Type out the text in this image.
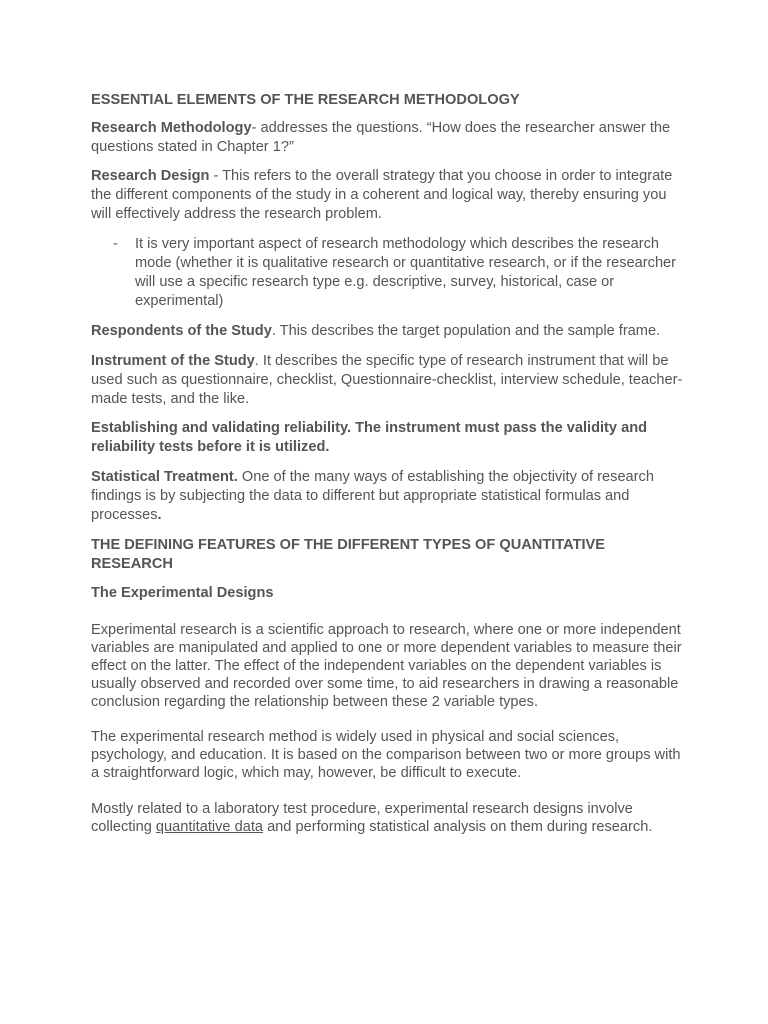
ESSENTIAL ELEMENTS OF THE RESEARCH METHODOLOGY

Research Methodology- addresses the questions. “How does the researcher answer the questions stated in Chapter 1?”

Research Design - This refers to the overall strategy that you choose in order to integrate the different components of the study in a coherent and logical way, thereby ensuring you will effectively address the research problem.

-	It is very important aspect of research methodology which describes the research mode (whether it is qualitative research or quantitative research, or if the researcher will use a specific research type e.g. descriptive, survey, historical, case or experimental)

Respondents of the Study. This describes the target population and the sample frame.

Instrument of the Study. It describes the specific type of research instrument that will be used such as questionnaire, checklist, Questionnaire-checklist, interview schedule, teacher-made tests, and the like.

Establishing and validating reliability. The instrument must pass the validity and reliability tests before it is utilized.

Statistical Treatment. One of the many ways of establishing the objectivity of research findings is by subjecting the data to different but appropriate statistical formulas and processes.

THE DEFINING FEATURES OF THE DIFFERENT TYPES OF QUANTITATIVE RESEARCH

The Experimental Designs

Experimental research is a scientific approach to research, where one or more independent variables are manipulated and applied to one or more dependent variables to measure their effect on the latter. The effect of the independent variables on the dependent variables is usually observed and recorded over some time, to aid researchers in drawing a reasonable conclusion regarding the relationship between these 2 variable types.

The experimental research method is widely used in physical and social sciences, psychology, and education. It is based on the comparison between two or more groups with a straightforward logic, which may, however, be difficult to execute.

Mostly related to a laboratory test procedure, experimental research designs involve collecting quantitative data and performing statistical analysis on them during research.
